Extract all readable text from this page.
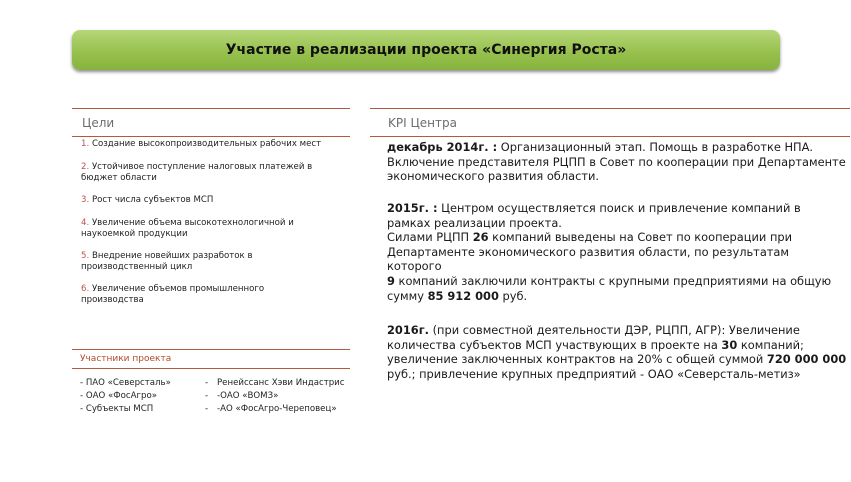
Участие в реализации проекта «Синергия Роста»
Цели	KPI Центра
1. Создание высокопроизводительных рабочих мест
2. Устойчивое поступление налоговых платежей в бюджет области
3. Рост числа субъектов МСП
4. Увеличение объема высокотехнологичной и наукоемкой продукции
5. Внедрение новейших разработок в производственный цикл
6. Увеличение объемов промышленного производства
Участники проекта
- ПАО «Северсталь»
- ОАО «ФосАгро»
- Субъекты МСП
- Ренейссанс Хэви Индастрис
- -ОАО «ВОМЗ»
- -АО «ФосАгро-Череповец»
декабрь 2014г. : Организационный этап. Помощь в разработке НПА. Включение представителя РЦПП в Совет по кооперации при Департаменте экономического развития области.
2015г. : Центром осуществляется поиск и привлечение компаний в рамках реализации проекта.
Силами РЦПП 26 компаний выведены на Совет по кооперации при Департаменте экономического развития области, по результатам которого
9 компаний заключили контракты с крупными предприятиями на общую сумму 85 912 000 руб.
2016г. (при совместной деятельности ДЭР, РЦПП, АГР): Увеличение количества субъектов МСП участвующих в проекте на 30 компаний; увеличение заключенных контрактов на 20% с общей суммой 720 000 000 руб.; привлечение крупных предприятий - ОАО «Северсталь-метиз»
